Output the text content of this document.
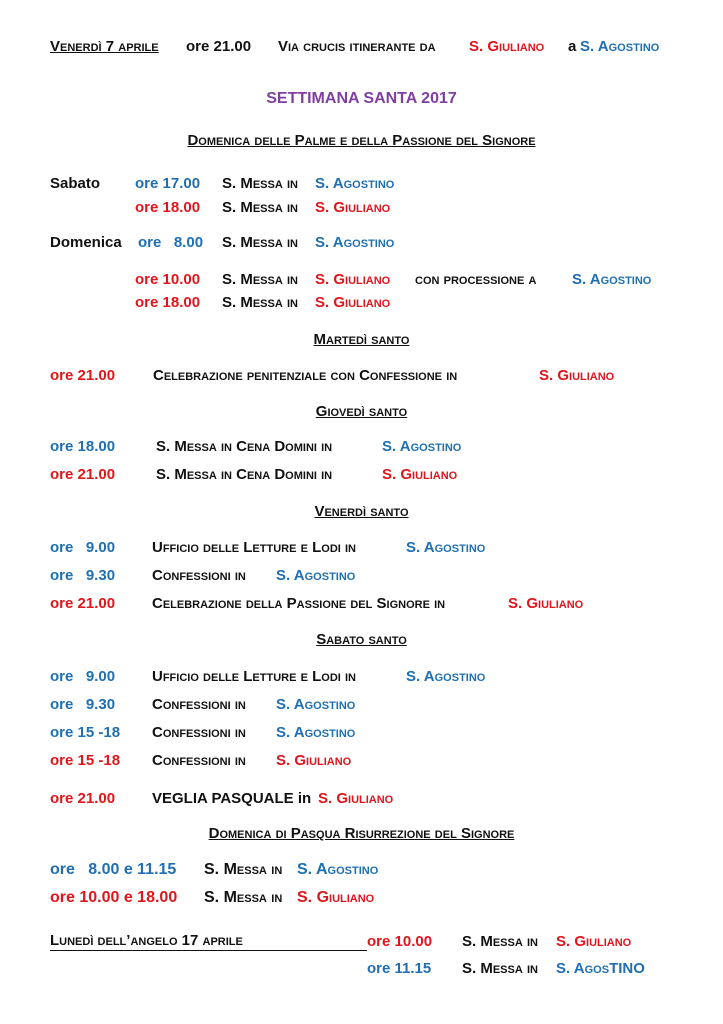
Venerdì 7 aprile ore 21.00 Via crucis itinerante da S. Giuliano a S. Agostino
SETTIMANA SANTA 2017
Domenica delle Palme e della Passione del Signore
Sabato ore 17.00 S. Messa in S. Agostino
ore 18.00 S. Messa in S. Giuliano
Domenica ore   8.00 S. Messa in S. Agostino
ore 10.00 S. Messa in S. Giuliano con processione a S. Agostino
ore 18.00 S. Messa in S. Giuliano
Martedì santo
ore 21.00	Celebrazione penitenziale con Confessione in	S. Giuliano
Giovedì santo
ore 18.00	S. Messa in Cena Domini in	S. Agostino
ore 21.00	S. Messa in Cena Domini in	S. Giuliano
Venerdì santo
ore   9.00 Ufficio delle Letture e Lodi in	S. Agostino
ore   9.30 Confessioni in S. Agostino
ore 21.00 Celebrazione della Passione del Signore in	S. Giuliano
Sabato santo
ore   9.00 Ufficio delle Letture e Lodi in	S. Agostino
ore   9.30 Confessioni in S. Agostino
ore 15 -18 Confessioni in S. Agostino
ore 15 -18 Confessioni in S. Giuliano
ore 21.00 VEGLIA PASQUALE in S. Giuliano
Domenica di Pasqua Risurrezione del Signore
ore   8.00 e 11.15 S. Messa in S. Agostino
ore 10.00 e 18.00 S. Messa in S. Giuliano
Lunedì dell’angelo 17 aprile	ore 10.00 S. Messa in S. Giuliano
ore 11.15 S. Messa in S. AgosTINO
